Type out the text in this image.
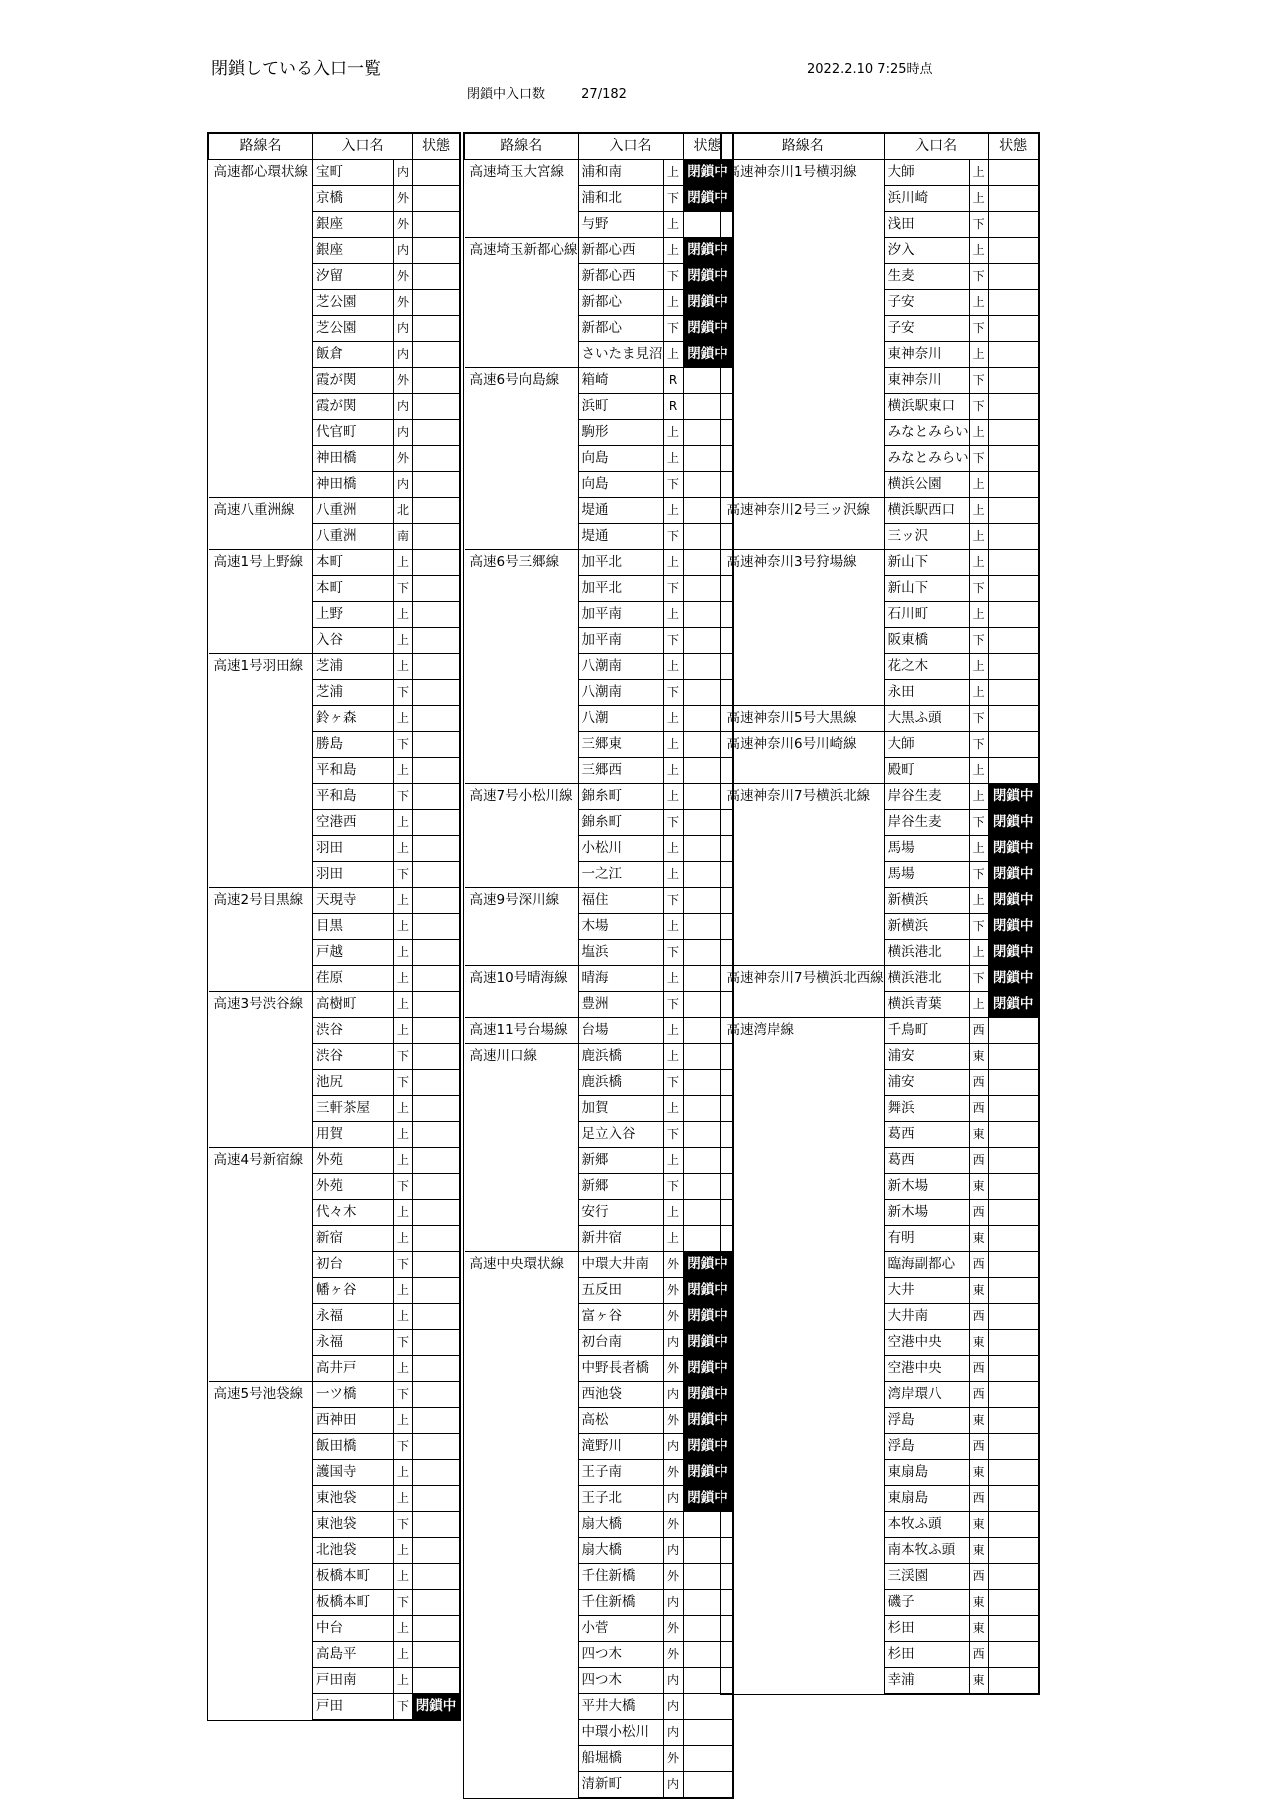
閉鎖している入口一覧	2022.2.10 7:25時点
閉鎖中入口数	27/182
路線名	入口名		状態
高速都心環状線	宝町	内	
	京橋	外	
	銀座	外	
	銀座	内	
	汐留	外	
	芝公園	外	
	芝公園	内	
	飯倉	内	
	霞が関	外	
	霞が関	内	
	代官町	内	
	神田橋	外	
	神田橋	内	
高速八重洲線	八重洲	北	
	八重洲	南	
高速1号上野線	本町	上	
	本町	下	
	上野	上	
	入谷	上	
高速1号羽田線	芝浦	上	
	芝浦	下	
	鈴ヶ森	上	
	勝島	下	
	平和島	上	
	平和島	下	
	空港西	上	
	羽田	上	
	羽田	下	
高速2号目黒線	天現寺	上	
	目黒	上	
	戸越	上	
	荏原	上	
高速3号渋谷線	高樹町	上	
	渋谷	上	
	渋谷	下	
	池尻	下	
	三軒茶屋	上	
	用賀	上	
高速4号新宿線	外苑	上	
	外苑	下	
	代々木	上	
	新宿	上	
	初台	下	
	幡ヶ谷	上	
	永福	上	
	永福	下	
	高井戸	上	
高速5号池袋線	一ツ橋	下	
	西神田	上	
	飯田橋	下	
	護国寺	上	
	東池袋	上	
	東池袋	下	
	北池袋	上	
	板橋本町	上	
	板橋本町	下	
	中台	上	
	高島平	上	
	戸田南	上	
	戸田	下	閉鎖中
路線名	入口名		状態
高速埼玉大宮線	浦和南	上	閉鎖中
	浦和北	下	閉鎖中
	与野	上	
高速埼玉新都心線	新都心西	上	閉鎖中
	新都心西	下	閉鎖中
	新都心	上	閉鎖中
	新都心	下	閉鎖中
	さいたま見沼	上	閉鎖中
高速6号向島線	箱崎	R	
	浜町	R	
	駒形	上	
	向島	上	
	向島	下	
	堤通	上	
	堤通	下	
高速6号三郷線	加平北	上	
	加平北	下	
	加平南	上	
	加平南	下	
	八潮南	上	
	八潮南	下	
	八潮	上	
	三郷東	上	
	三郷西	上	
高速7号小松川線	錦糸町	上	
	錦糸町	下	
	小松川	上	
	一之江	上	
高速9号深川線	福住	下	
	木場	上	
	塩浜	下	
高速10号晴海線	晴海	上	
	豊洲	下	
高速11号台場線	台場	上	
高速川口線	鹿浜橋	上	
	鹿浜橋	下	
	加賀	上	
	足立入谷	下	
	新郷	上	
	新郷	下	
	安行	上	
	新井宿	上	
高速中央環状線	中環大井南	外	閉鎖中
	五反田	外	閉鎖中
	富ヶ谷	外	閉鎖中
	初台南	内	閉鎖中
	中野長者橋	外	閉鎖中
	西池袋	内	閉鎖中
	高松	外	閉鎖中
	滝野川	内	閉鎖中
	王子南	外	閉鎖中
	王子北	内	閉鎖中
	扇大橋	外	
	扇大橋	内	
	千住新橋	外	
	千住新橋	内	
	小菅	外	
	四つ木	外	
	四つ木	内	
	平井大橋	内	
	中環小松川	内	
	船堀橋	外	
	清新町	内	
路線名	入口名		状態
高速神奈川1号横羽線	大師	上	
	浜川崎	上	
	浅田	下	
	汐入	上	
	生麦	下	
	子安	上	
	子安	下	
	東神奈川	上	
	東神奈川	下	
	横浜駅東口	下	
	みなとみらい	上	
	みなとみらい	下	
	横浜公園	上	
高速神奈川2号三ッ沢線	横浜駅西口	上	
	三ッ沢	上	
高速神奈川3号狩場線	新山下	上	
	新山下	下	
	石川町	上	
	阪東橋	下	
	花之木	上	
	永田	上	
高速神奈川5号大黒線	大黒ふ頭	下	
高速神奈川6号川崎線	大師	下	
	殿町	上	
高速神奈川7号横浜北線	岸谷生麦	上	閉鎖中
	岸谷生麦	下	閉鎖中
	馬場	上	閉鎖中
	馬場	下	閉鎖中
	新横浜	上	閉鎖中
	新横浜	下	閉鎖中
	横浜港北	上	閉鎖中
高速神奈川7号横浜北西線	横浜港北	下	閉鎖中
	横浜青葉	上	閉鎖中
高速湾岸線	千鳥町	西	
	浦安	東	
	浦安	西	
	舞浜	西	
	葛西	東	
	葛西	西	
	新木場	東	
	新木場	西	
	有明	東	
	臨海副都心	西	
	大井	東	
	大井南	西	
	空港中央	東	
	空港中央	西	
	湾岸環八	西	
	浮島	東	
	浮島	西	
	東扇島	東	
	東扇島	西	
	本牧ふ頭	東	
	南本牧ふ頭	東	
	三渓園	西	
	磯子	東	
	杉田	東	
	杉田	西	
	幸浦	東	
